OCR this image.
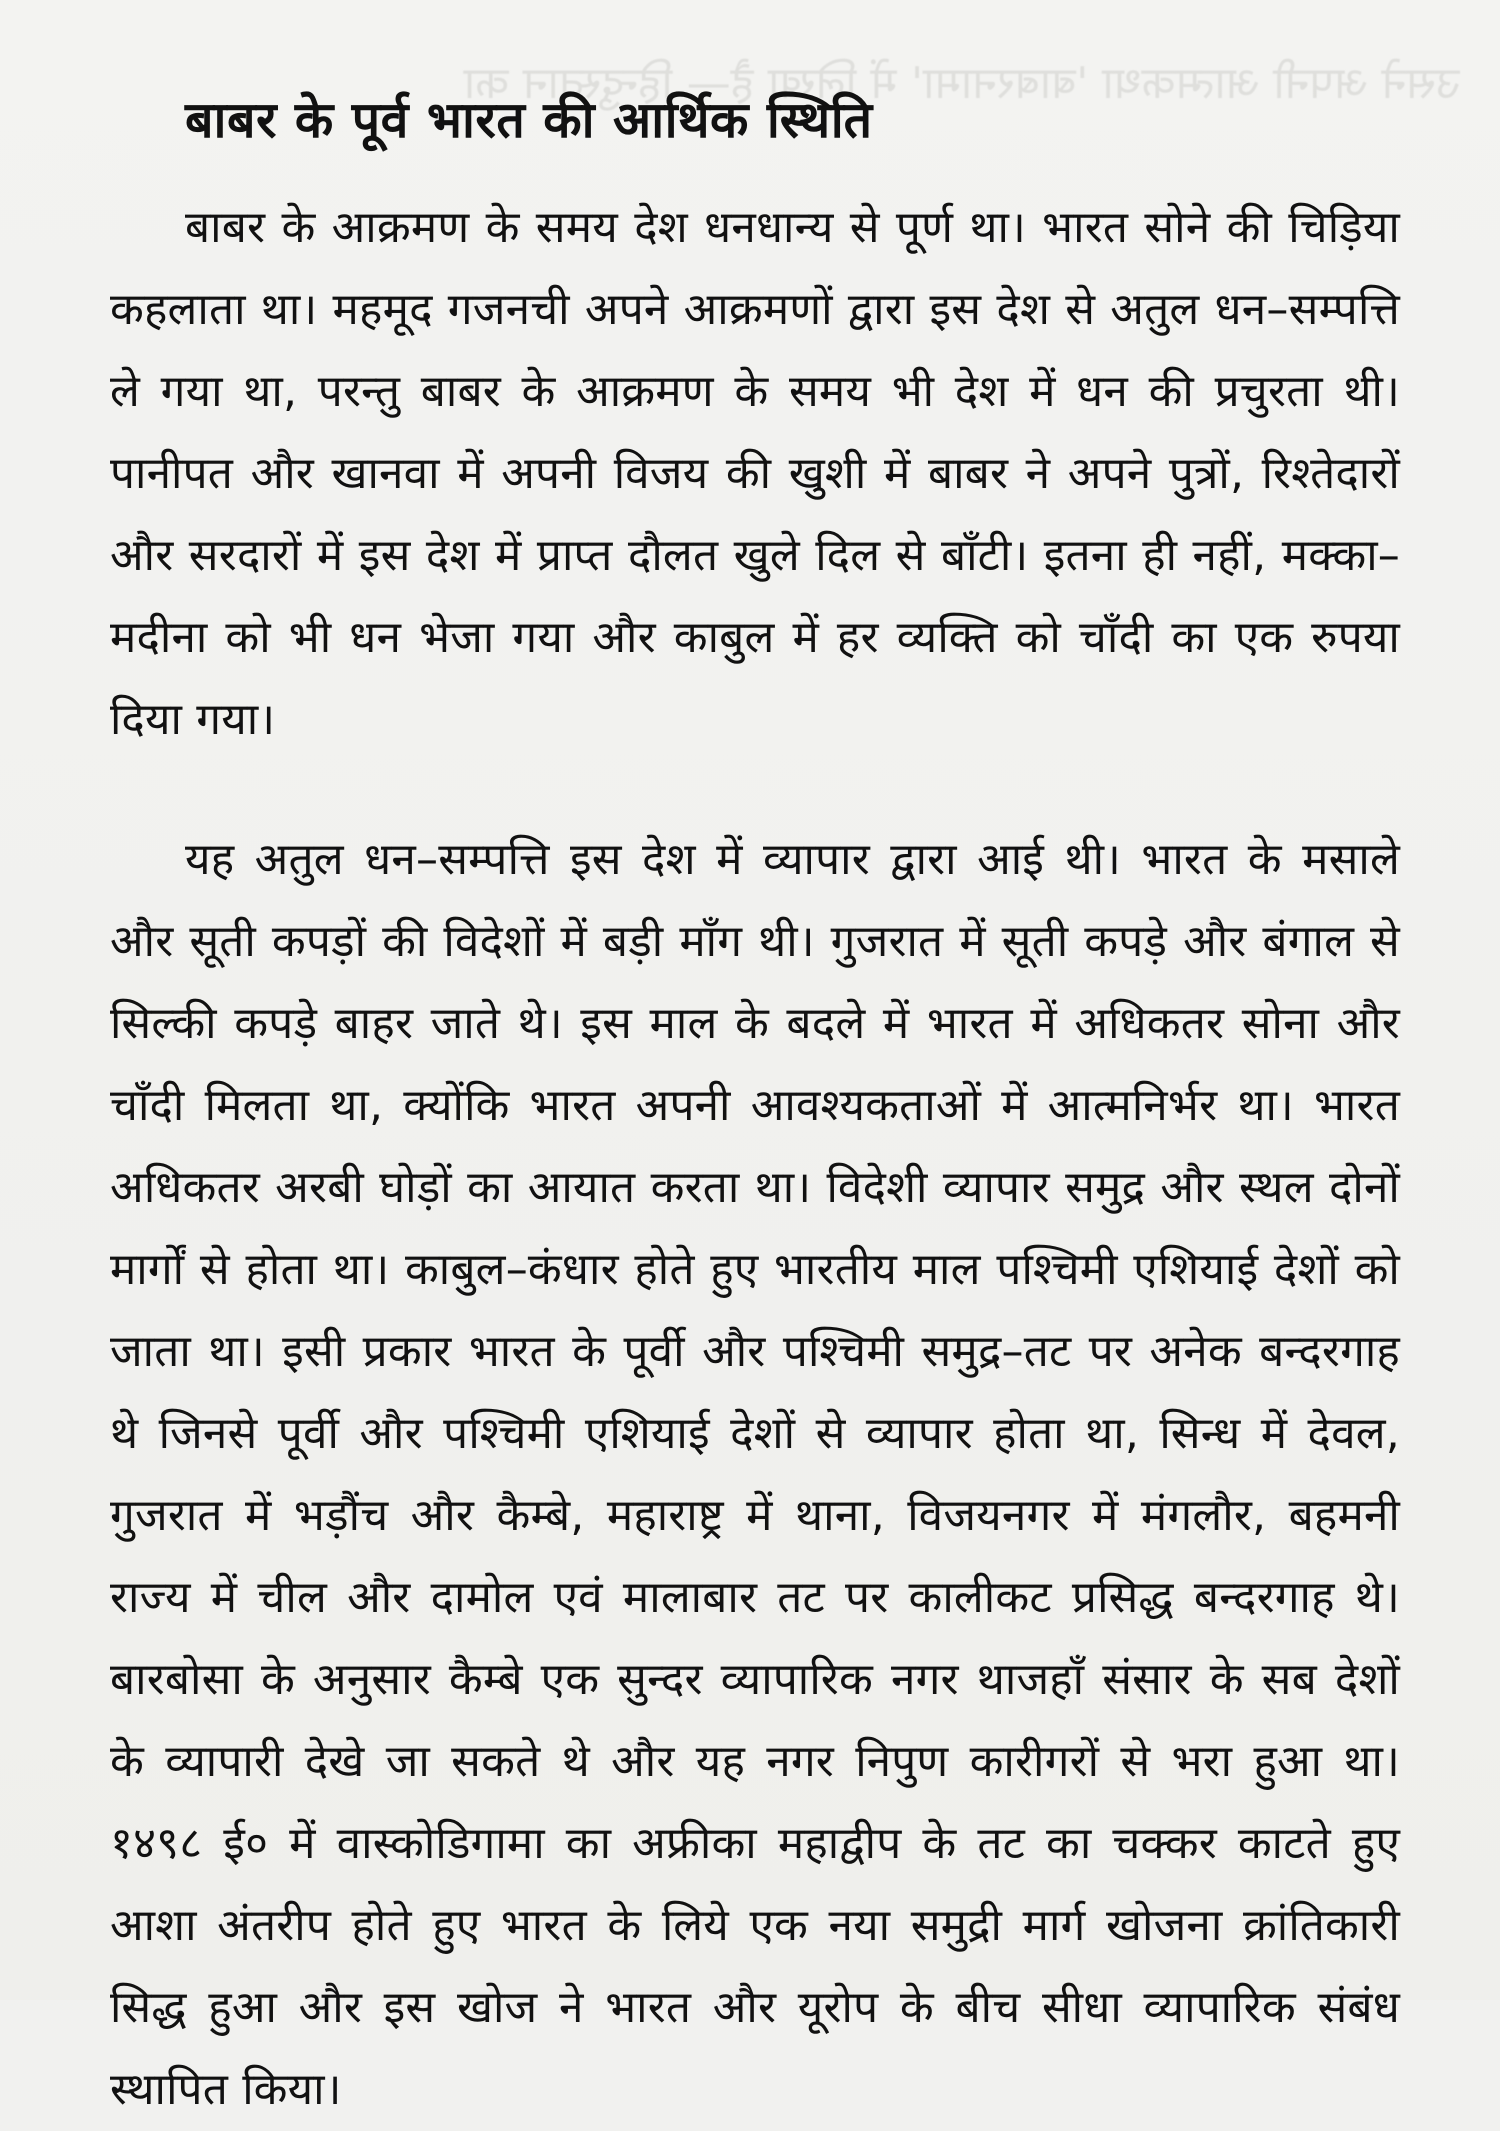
उसने अपनी आत्मकथा 'बाबरनामा' में लिखा है— हिन्दुस्तान का
बाबर के पूर्व भारत की आर्थिक स्थिति

बाबर के आक्रमण के समय देश धनधान्य से पूर्ण था। भारत सोने की चिड़िया कहलाता था। महमूद गजनची अपने आक्रमणों द्वारा इस देश से अतुल धन–सम्पत्ति ले गया था, परन्तु बाबर के आक्रमण के समय भी देश में धन की प्रचुरता थी। पानीपत और खानवा में अपनी विजय की खुशी में बाबर ने अपने पुत्रों, रिश्तेदारों और सरदारों में इस देश में प्राप्त दौलत खुले दिल से बाँटी। इतना ही नहीं, मक्का–मदीना को भी धन भेजा गया और काबुल में हर व्यक्ति को चाँदी का एक रुपया दिया गया।

यह अतुल धन–सम्पत्ति इस देश में व्यापार द्वारा आई थी। भारत के मसाले और सूती कपड़ों की विदेशों में बड़ी माँग थी। गुजरात में सूती कपड़े और बंगाल से सिल्की कपड़े बाहर जाते थे। इस माल के बदले में भारत में अधिकतर सोना और चाँदी मिलता था, क्योंकि भारत अपनी आवश्यकताओं में आत्मनिर्भर था। भारत अधिकतर अरबी घोड़ों का आयात करता था। विदेशी व्यापार समुद्र और स्थल दोनों मार्गों से होता था। काबुल–कंधार होते हुए भारतीय माल पश्चिमी एशियाई देशों को जाता था। इसी प्रकार भारत के पूर्वी और पश्चिमी समुद्र–तट पर अनेक बन्दरगाह थे जिनसे पूर्वी और पश्चिमी एशियाई देशों से व्यापार होता था, सिन्ध में देवल, गुजरात में भड़ौंच और कैम्बे, महाराष्ट्र में थाना, विजयनगर में मंगलौर, बहमनी राज्य में चील और दामोल एवं मालाबार तट पर कालीकट प्रसिद्ध बन्दरगाह थे। बारबोसा के अनुसार कैम्बे एक सुन्दर व्यापारिक नगर थाजहाँ संसार के सब देशों के व्यापारी देखे जा सकते थे और यह नगर निपुण कारीगरों से भरा हुआ था। १४९८ ई० में वास्कोडिगामा का अफ्रीका महाद्वीप के तट का चक्कर काटते हुए आशा अंतरीप होते हुए भारत के लिये एक नया समुद्री मार्ग खोजना क्रांतिकारी सिद्ध हुआ और इस खोज ने भारत और यूरोप के बीच सीधा व्यापारिक संबंध स्थापित किया।
